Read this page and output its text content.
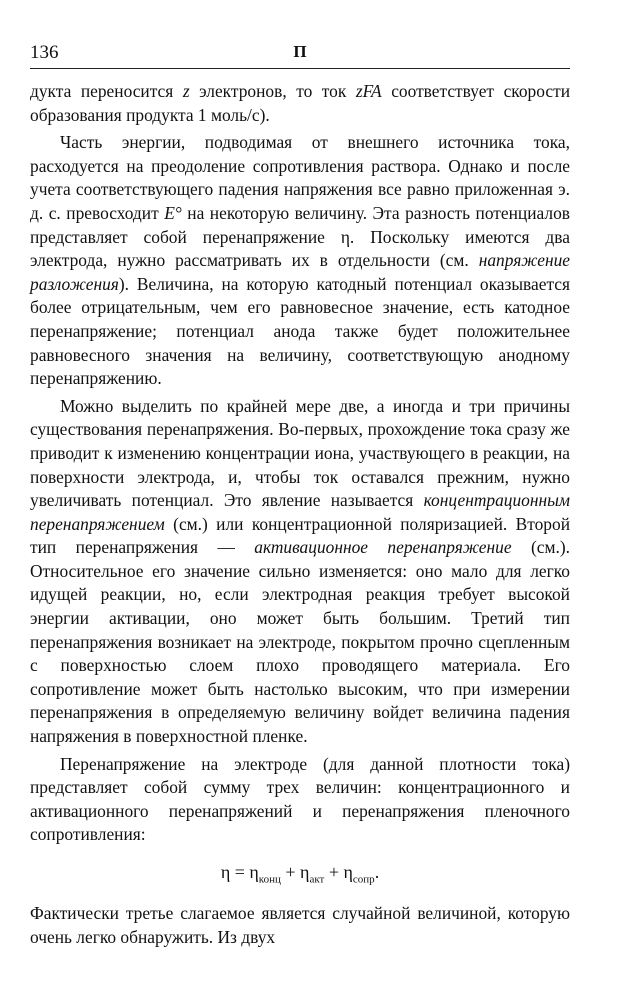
136	П

дукта переносится z электронов, то ток zFA соответствует скорости образования продукта 1 моль/с).

Часть энергии, подводимая от внешнего источника тока, расходуется на преодоление сопротивления раствора. Однако и после учета соответствующего падения напряжения все равно приложенная э. д. с. превосходит E° на некоторую величину. Эта разность потенциалов представляет собой перенапряжение η. Поскольку имеются два электрода, нужно рассматривать их в отдельности (см. напряжение разложения). Величина, на которую катодный потенциал оказывается более отрицательным, чем его равновесное значение, есть катодное перенапряжение; потенциал анода также будет положительнее равновесного значения на величину, соответствующую анодному перенапряжению.

Можно выделить по крайней мере две, а иногда и три причины существования перенапряжения. Во-первых, прохождение тока сразу же приводит к изменению концентрации иона, участвующего в реакции, на поверхности электрода, и, чтобы ток оставался прежним, нужно увеличивать потенциал. Это явление называется концентрационным перенапряжением (см.) или концентрационной поляризацией. Второй тип перенапряжения — активационное перенапряжение (см.). Относительное его значение сильно изменяется: оно мало для легко идущей реакции, но, если электродная реакция требует высокой энергии активации, оно может быть большим. Третий тип перенапряжения возникает на электроде, покрытом прочно сцепленным с поверхностью слоем плохо проводящего материала. Его сопротивление может быть настолько высоким, что при измерении перенапряжения в определяемую величину войдет величина падения напряжения в поверхностной пленке.

Перенапряжение на электроде (для данной плотности тока) представляет собой сумму трех величин: концентрационного и активационного перенапряжений и перенапряжения пленочного сопротивления:

$\eta = \eta_{конц} + \eta_{акт} + \eta_{сопр}$.

Фактически третье слагаемое является случайной величиной, которую очень легко обнаружить. Из двух
